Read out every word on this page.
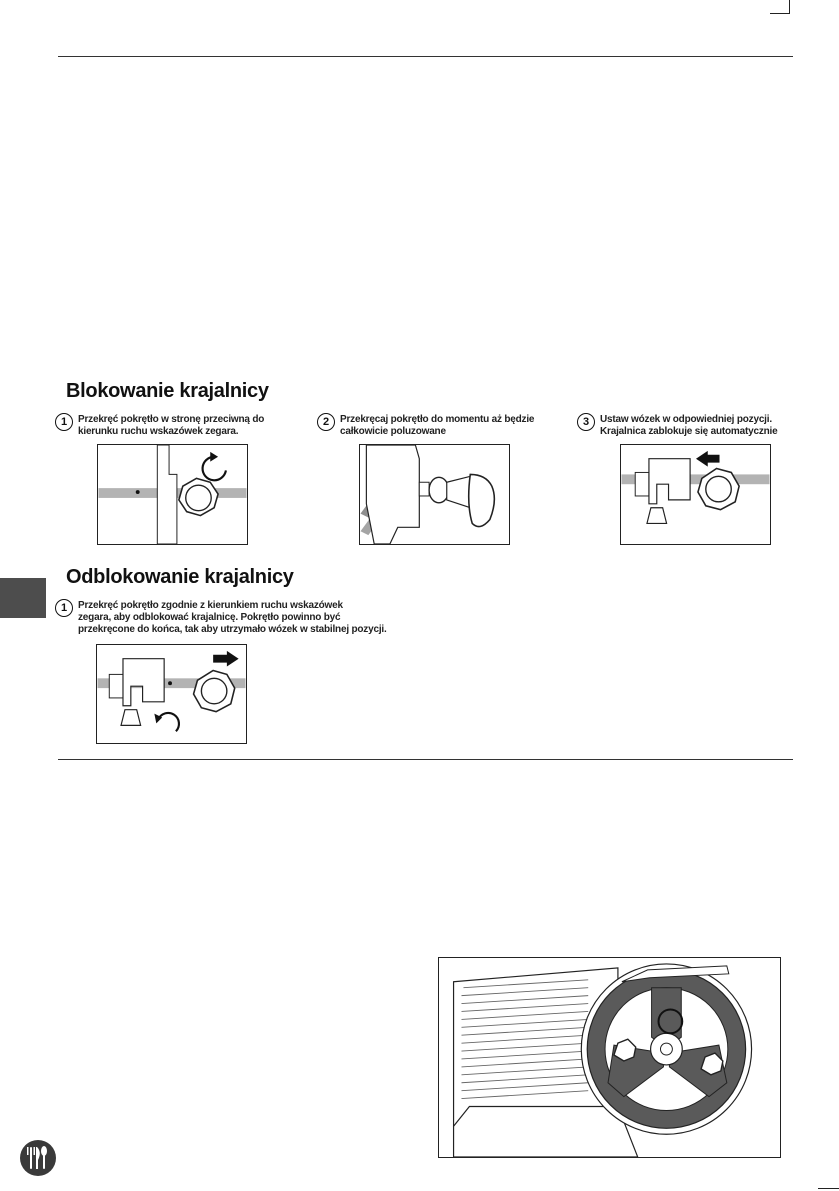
Blokowanie krajalnicy
1	Przekręć pokrętło w stronę przeciwną do
kierunku ruchu wskazówek zegara.
2	Przekręcaj pokrętło do momentu aż będzie
całkowicie poluzowane
3	Ustaw wózek w odpowiedniej pozycji.
Krajalnica zablokuje się automatycznie
Odblokowanie krajalnicy
1	Przekręć pokrętło zgodnie z kierunkiem ruchu wskazówek
zegara, aby odblokować krajalnicę. Pokrętło powinno być
przekręcone do końca, tak aby utrzymało wózek w stabilnej pozycji.
